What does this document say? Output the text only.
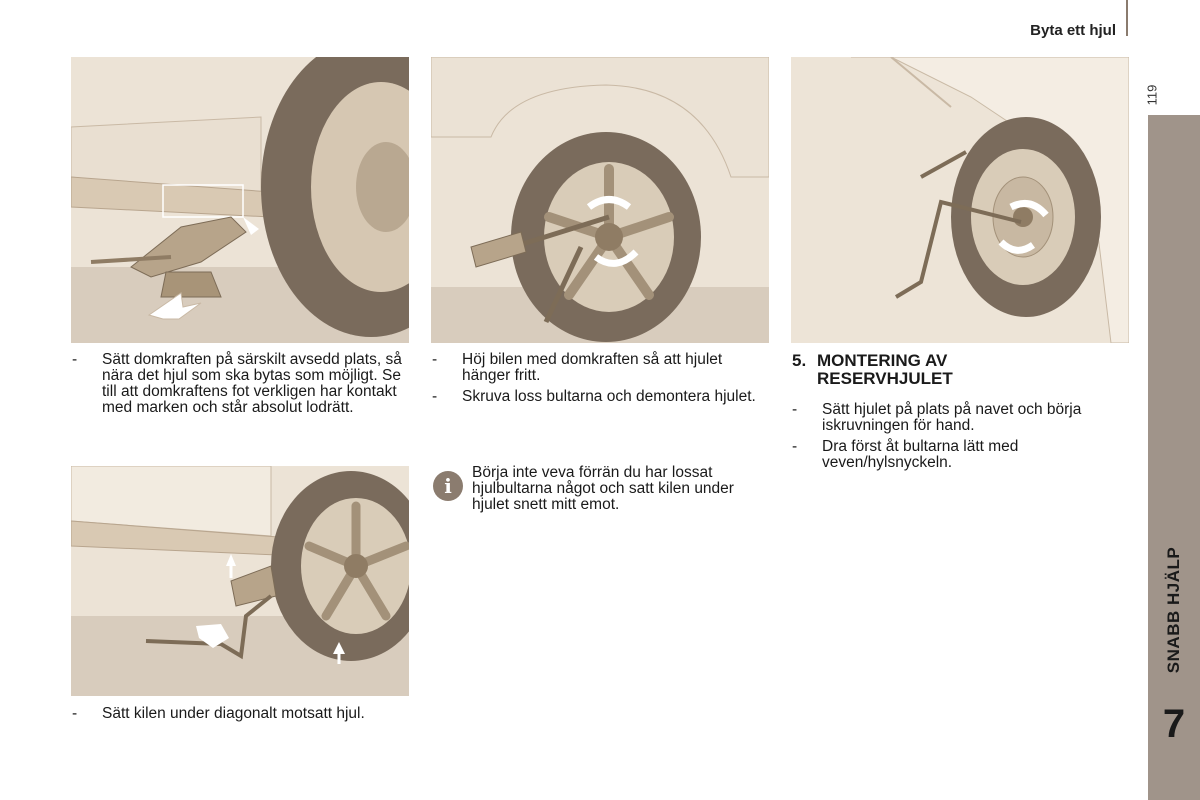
Byta ett hjul
119
SNABB HJÄLP
7
- Sätt domkraften på särskilt avsedd plats, så nära det hjul som ska bytas som möjligt. Se till att domkraftens fot verkligen har kontakt med marken och står absolut lodrätt.
- Sätt kilen under diagonalt motsatt hjul.
- Höj bilen med domkraften så att hjulet hänger fritt.
- Skruva loss bultarna och demontera hjulet.
i
Börja inte veva förrän du har lossat hjulbultarna något och satt kilen under hjulet snett mitt emot.
5. MONTERING AV RESERVHJULET
- Sätt hjulet på plats på navet och börja iskruvningen för hand.
- Dra först åt bultarna lätt med veven/hylsnyckeln.
